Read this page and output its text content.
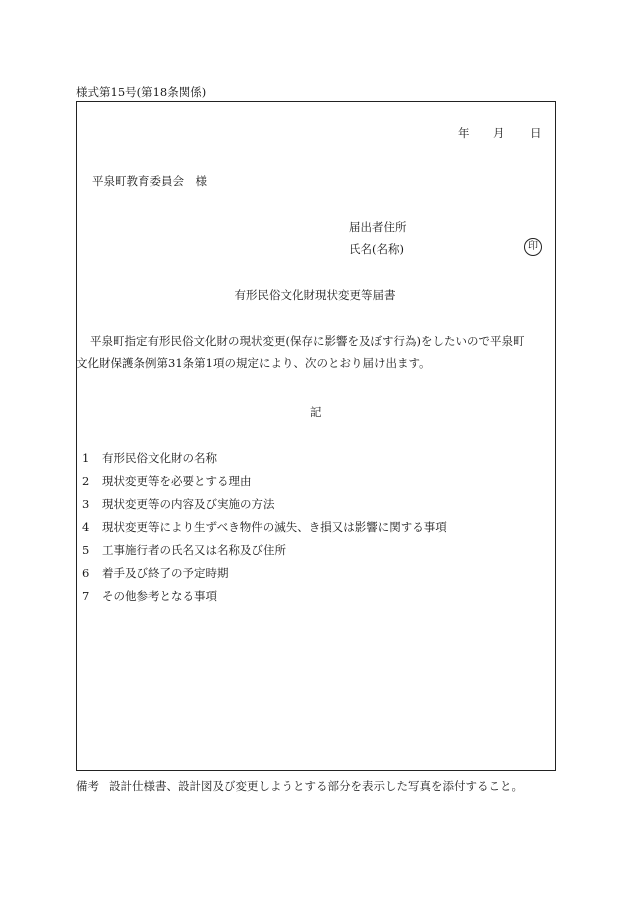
様式第15号(第18条関係)
年 月 日
平泉町教育委員会　様
届出者住所
氏名(名称)	印
有形民俗文化財現状変更等届書
平泉町指定有形民俗文化財の現状変更(保存に影響を及ぼす行為)をしたいので平泉町
文化財保護条例第31条第1項の規定により、次のとおり届け出ます。
記
1 有形民俗文化財の名称
2 現状変更等を必要とする理由
3 現状変更等の内容及び実施の方法
4 現状変更等により生ずべき物件の滅失、き損又は影響に関する事項
5 工事施行者の氏名又は名称及び住所
6 着手及び終了の予定時期
7 その他参考となる事項
備考 設計仕様書、設計図及び変更しようとする部分を表示した写真を添付すること。
